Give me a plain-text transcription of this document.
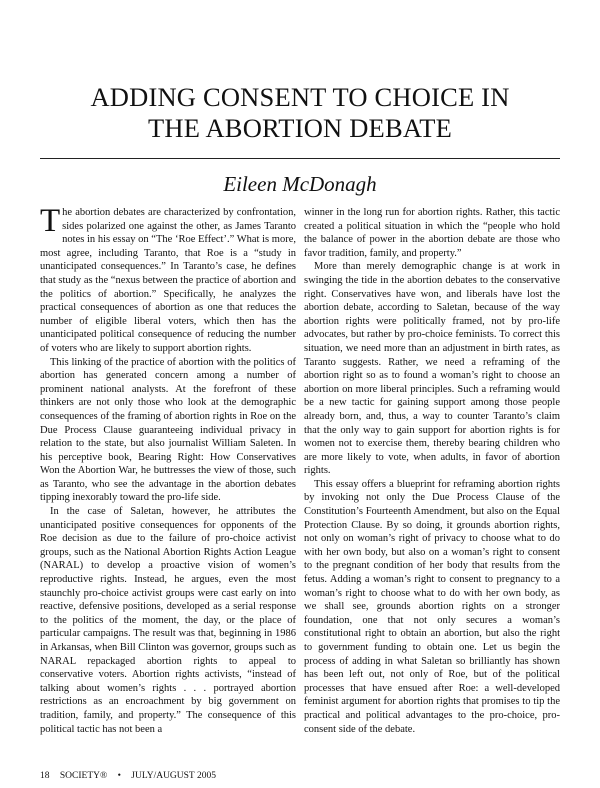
ADDING CONSENT TO CHOICE IN
THE ABORTION DEBATE
Eileen McDonagh

The abortion debates are characterized by confrontation, sides polarized one against the other, as James Taranto notes in his essay on “The ‘Roe Effect’.” What is more, most agree, including Taranto, that Roe is a “study in unanticipated consequences.” In Taranto’s case, he defines that study as the “nexus between the practice of abortion and the politics of abortion.” Specifically, he analyzes the practical consequences of abortion as one that reduces the number of eligible liberal voters, which then has the unanticipated political consequence of reducing the number of voters who are likely to support abortion rights.

This linking of the practice of abortion with the politics of abortion has generated concern among a number of prominent national analysts. At the forefront of these thinkers are not only those who look at the demographic consequences of the framing of abortion rights in Roe on the Due Process Clause guaranteeing individual privacy in relation to the state, but also journalist William Saleten. In his perceptive book, Bearing Right: How Conservatives Won the Abortion War, he buttresses the view of those, such as Taranto, who see the advantage in the abortion debates tipping inexorably toward the pro-life side.

In the case of Saletan, however, he attributes the unanticipated positive consequences for opponents of the Roe decision as due to the failure of pro-choice activist groups, such as the National Abortion Rights Action League (NARAL) to develop a proactive vision of women’s reproductive rights. Instead, he argues, even the most staunchly pro-choice activist groups were cast early on into reactive, defensive positions, developed as a serial response to the politics of the moment, the day, or the place of particular campaigns. The result was that, beginning in 1986 in Arkansas, when Bill Clinton was governor, groups such as NARAL repackaged abortion rights to appeal to conservative voters. Abortion rights activists, “instead of talking about women’s rights . . . portrayed abortion restrictions as an encroachment by big government on tradition, family, and property.” The consequence of this political tactic has not been a

winner in the long run for abortion rights. Rather, this tactic created a political situation in which the “people who hold the balance of power in the abortion debate are those who favor tradition, family, and property.”

More than merely demographic change is at work in swinging the tide in the abortion debates to the conservative right. Conservatives have won, and liberals have lost the abortion debate, according to Saletan, because of the way abortion rights were politically framed, not by pro-life advocates, but rather by pro-choice feminists. To correct this situation, we need more than an adjustment in birth rates, as Taranto suggests. Rather, we need a reframing of the abortion right so as to found a woman’s right to choose an abortion on more liberal principles. Such a reframing would be a new tactic for gaining support among those people already born, and, thus, a way to counter Taranto’s claim that the only way to gain support for abortion rights is for women not to exercise them, thereby bearing children who are more likely to vote, when adults, in favor of abortion rights.

This essay offers a blueprint for reframing abortion rights by invoking not only the Due Process Clause of the Constitution’s Fourteenth Amendment, but also on the Equal Protection Clause. By so doing, it grounds abortion rights, not only on woman’s right of privacy to choose what to do with her own body, but also on a woman’s right to consent to the pregnant condition of her body that results from the fetus. Adding a woman’s right to consent to pregnancy to a woman’s right to choose what to do with her own body, as we shall see, grounds abortion rights on a stronger foundation, one that not only secures a woman’s constitutional right to obtain an abortion, but also the right to government funding to obtain one. Let us begin the process of adding in what Saletan so brilliantly has shown has been left out, not only of Roe, but of the political processes that have ensued after Roe: a well-developed feminist argument for abortion rights that promises to tip the practical and political advantages to the pro-choice, pro-consent side of the debate.

18 SOCIETY® • JULY/AUGUST 2005
